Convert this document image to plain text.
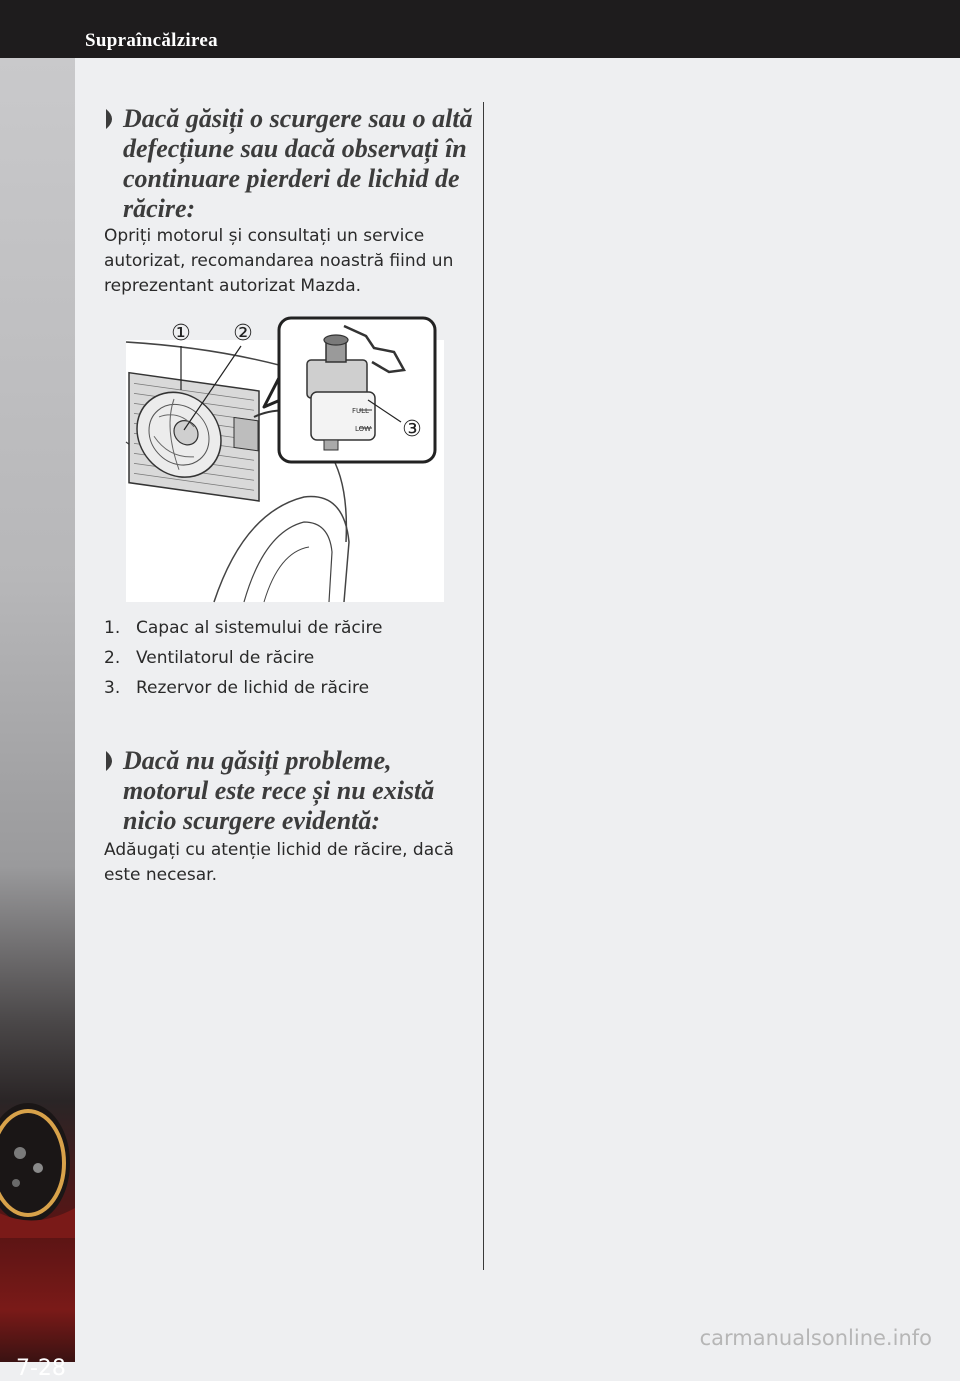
Supraîncălzirea
7-28
Dacă găsiți o scurgere sau o altă defecțiune sau dacă observați în continuare pierderi de lichid de răcire:
Opriți motorul și consultați un service autorizat, recomandarea noastră fiind un reprezentant autorizat Mazda.
① ②
FULL
LOW ③
1. Capac al sistemului de răcire
2. Ventilatorul de răcire
3. Rezervor de lichid de răcire
Dacă nu găsiți probleme, motorul este rece și nu există nicio scurgere evidentă:
Adăugați cu atenție lichid de răcire, dacă este necesar.
carmanualsonline.info
